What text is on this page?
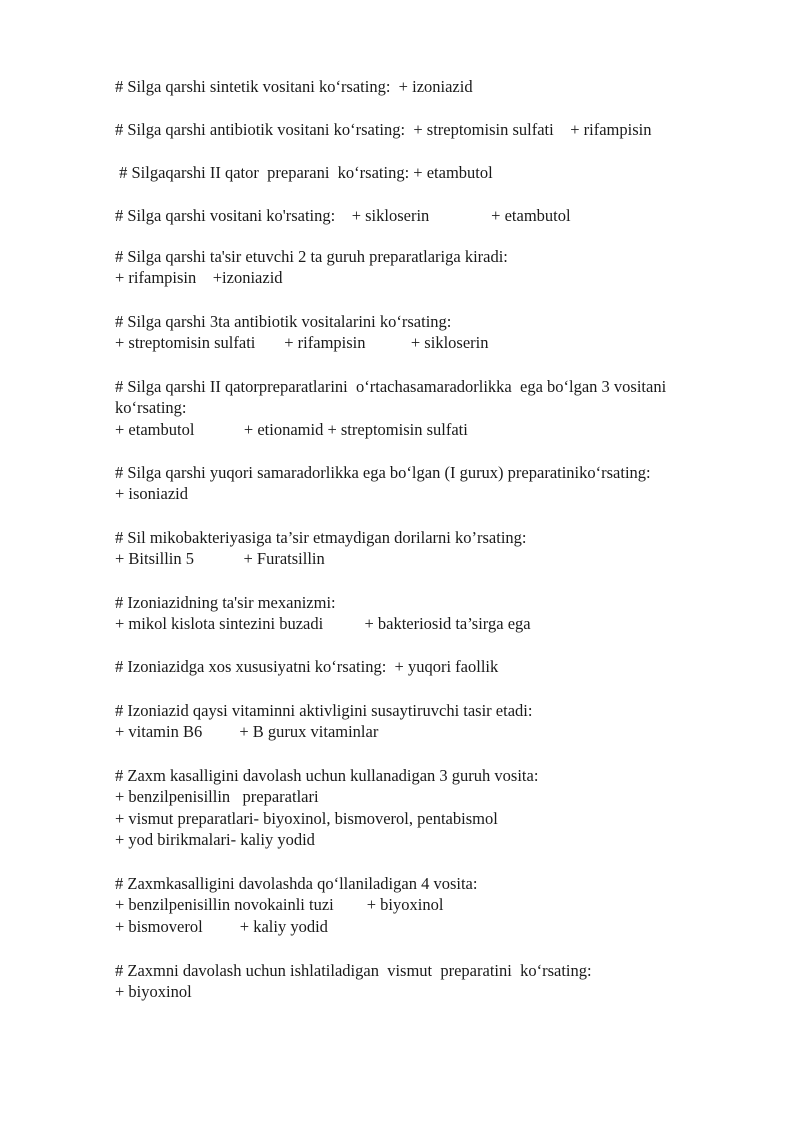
# Silga qarshi sintetik vositani ko‘rsating:  + izoniazid
# Silga qarshi antibiotik vositani ko‘rsating:  + streptomisin sulfati    + rifampisin
# Silgaqarshi II qator  preparani  ko‘rsating: + etambutol
# Silga qarshi vositani ko'rsating:    + sikloserin               + etambutol
# Silga qarshi ta'sir etuvchi 2 ta guruh preparatlariga kiradi:
+ rifampisin    +izoniazid
# Silga qarshi 3ta antibiotik vositalarini ko‘rsating:
+ streptomisin sulfati       + rifampisin           + sikloserin
# Silga qarshi II qatorpreparatlarini  o‘rtachasamaradorlikka  ega bo‘lgan 3 vositani
ko‘rsating:
+ etambutol            + etionamid + streptomisin sulfati
# Silga qarshi yuqori samaradorlikka ega bo‘lgan (I gurux) preparatiniko‘rsating:
+ isoniazid
# Sil mikobakteriyasiga ta’sir etmaydigan dorilarni ko’rsating:
+ Bitsillin 5            + Furatsillin
# Izoniazidning ta'sir mexanizmi:
+ mikol kislota sintezini buzadi          + bakteriosid ta’sirga ega
# Izoniazidga xos xususiyatni ko‘rsating:  + yuqori faollik
# Izoniazid qaysi vitaminni aktivligini susaytiruvchi tasir etadi:
+ vitamin B6         + B gurux vitaminlar
# Zaxm kasalligini davolash uchun kullanadigan 3 guruh vosita:
+ benzilpenisillin   preparatlari
+ vismut preparatlari- biyoxinol, bismoverol, pentabismol
+ yod birikmalari- kaliy yodid
# Zaxmkasalligini davolashda qo‘llaniladigan 4 vosita:
+ benzilpenisillin novokainli tuzi        + biyoxinol
+ bismoverol         + kaliy yodid
# Zaxmni davolash uchun ishlatiladigan  vismut  preparatini  ko‘rsating:
+ biyoxinol
